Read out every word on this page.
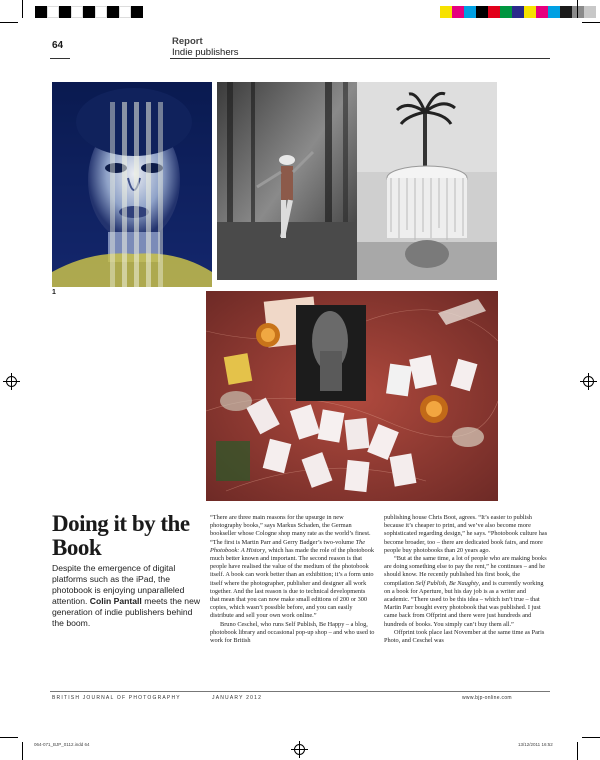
64	Report
Indie publishers
1
Doing it by the Book
Despite the emergence of digital platforms such as the iPad, the photobook is enjoying unparalleled attention. Colin Pantall meets the new generation of indie publishers behind the boom.

“There are three main reasons for the upsurge in new photography books,” says Markus Schaden, the German bookseller whose Cologne shop many rate as the world’s finest. “The first is Martin Parr and Gerry Badger’s two-volume The Photobook: A History, which has made the role of the photobook much better known and important. The second reason is that people have realised the value of the medium of the photobook itself. A book can work better than an exhibition; it’s a form unto itself where the photographer, publisher and designer all work together. And the last reason is due to technical developments that mean that you can now make small editions of 200 or 300 copies, which wasn’t possible before, and you can easily distribute and sell your own work online.”

Bruno Ceschel, who runs Self Publish, Be Happy – a blog, photobook library and occasional pop-up shop – and who used to work for British

publishing house Chris Boot, agrees. “It’s easier to publish because it’s cheaper to print, and we’ve also become more sophisticated regarding design,” he says. “Photobook culture has become broader, too – there are dedicated book fairs, and more people buy photobooks than 20 years ago.

“But at the same time, a lot of people who are making books are doing something else to pay the rent,” he continues – and he should know. He recently published his first book, the compilation Self Publish, Be Naughty, and is currently working on a book for Aperture, but his day job is as a writer and academic. “There used to be this idea – which isn’t true – that Martin Parr bought every photobook that was published. I just came back from Offprint and there were just hundreds and hundreds of books. You simply can’t buy them all.”

Offprint took place last November at the same time as Paris Photo, and Ceschel was

BRITISH JOURNAL OF PHOTOGRAPHY	JANUARY 2012	www.bjp-online.com
064-071_BJP_0112.indd 64	13/12/2011 16:52
